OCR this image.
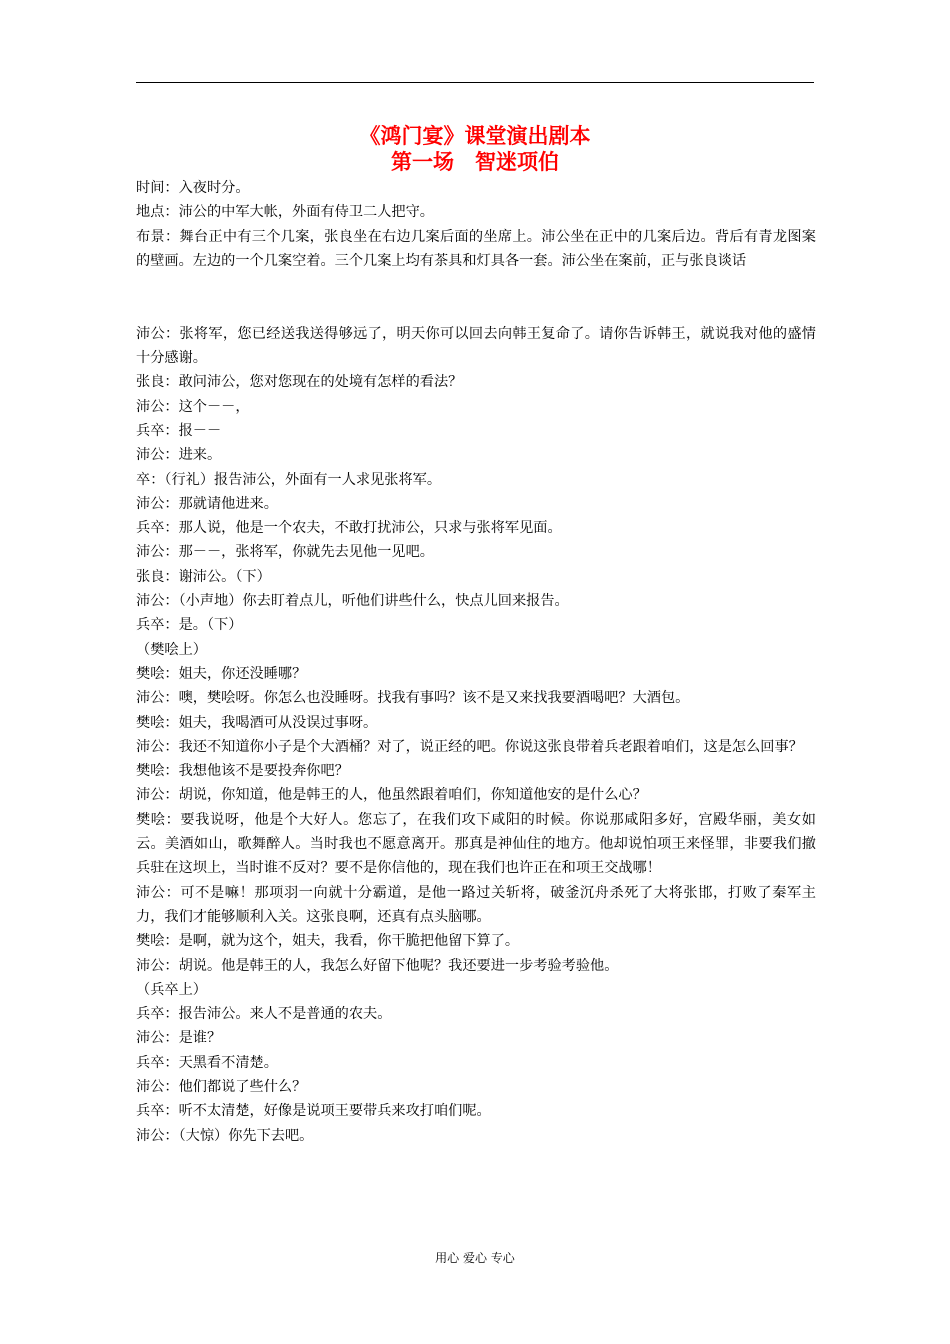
《鸿门宴》课堂演出剧本
第一场　智迷项伯
时间：入夜时分。
地点：沛公的中军大帐，外面有侍卫二人把守。
布景：舞台正中有三个几案，张良坐在右边几案后面的坐席上。沛公坐在正中的几案后边。背后有青龙图案的壁画。左边的一个几案空着。三个几案上均有茶具和灯具各一套。沛公坐在案前，正与张良谈话
沛公：张将军，您已经送我送得够远了，明天你可以回去向韩王复命了。请你告诉韩王，就说我对他的盛情十分感谢。
张良：敢问沛公，您对您现在的处境有怎样的看法？
沛公：这个－－，
兵卒：报－－
沛公：进来。
卒：（行礼）报告沛公，外面有一人求见张将军。
沛公：那就请他进来。
兵卒：那人说，他是一个农夫，不敢打扰沛公，只求与张将军见面。
沛公：那－－，张将军，你就先去见他一见吧。
张良：谢沛公。（下）
沛公：（小声地）你去盯着点儿，听他们讲些什么，快点儿回来报告。
兵卒：是。（下）
（樊哙上）
樊哙：姐夫，你还没睡哪？
沛公：噢，樊哙呀。你怎么也没睡呀。找我有事吗？该不是又来找我要酒喝吧？大酒包。
樊哙：姐夫，我喝酒可从没误过事呀。
沛公：我还不知道你小子是个大酒桶？对了，说正经的吧。你说这张良带着兵老跟着咱们，这是怎么回事？
樊哙：我想他该不是要投奔你吧？
沛公：胡说，你知道，他是韩王的人，他虽然跟着咱们，你知道他安的是什么心？
樊哙：要我说呀，他是个大好人。您忘了，在我们攻下咸阳的时候。你说那咸阳多好，宫殿华丽，美女如云。美酒如山，歌舞醉人。当时我也不愿意离开。那真是神仙住的地方。他却说怕项王来怪罪，非要我们撤兵驻在这坝上，当时谁不反对？要不是你信他的，现在我们也许正在和项王交战哪！
沛公：可不是嘛！那项羽一向就十分霸道，是他一路过关斩将，破釜沉舟杀死了大将张邯，打败了秦军主力，我们才能够顺利入关。这张良啊，还真有点头脑哪。
樊哙：是啊，就为这个，姐夫，我看，你干脆把他留下算了。
沛公：胡说。他是韩王的人，我怎么好留下他呢？我还要进一步考验考验他。
（兵卒上）
兵卒：报告沛公。来人不是普通的农夫。
沛公：是谁？
兵卒：天黑看不清楚。
沛公：他们都说了些什么？
兵卒：听不太清楚，好像是说项王要带兵来攻打咱们呢。
沛公：（大惊）你先下去吧。
用心 爱心 专心
